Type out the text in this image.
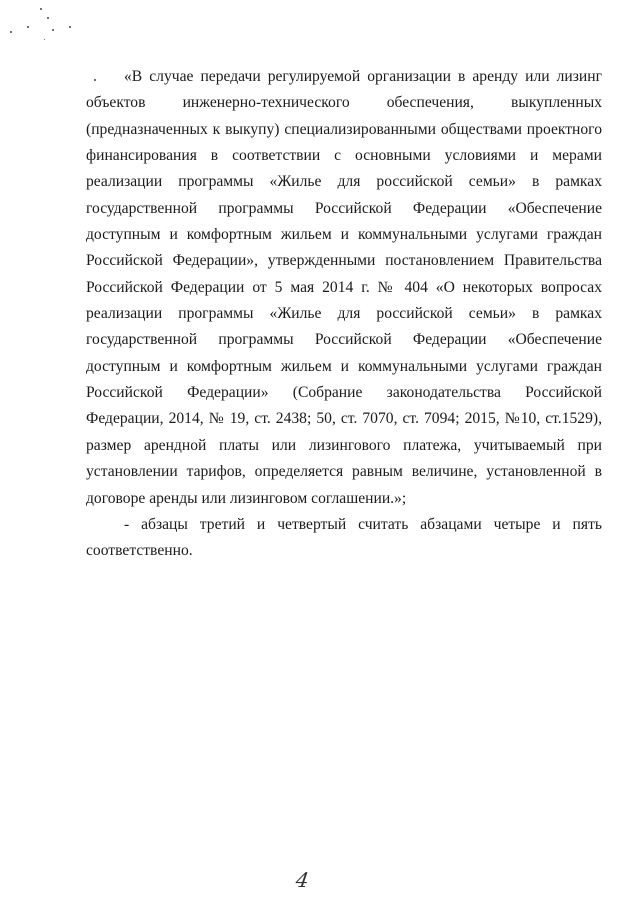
«В случае передачи регулируемой организации в аренду или лизинг объектов инженерно-технического обеспечения, выкупленных (предназначенных к выкупу) специализированными обществами проектного финансирования в соответствии с основными условиями и мерами реализации программы «Жилье для российской семьи» в рамках государственной программы Российской Федерации «Обеспечение доступным и комфортным жильем и коммунальными услугами граждан Российской Федерации», утвержденными постановлением Правительства Российской Федерации от 5 мая 2014 г. № 404 «О некоторых вопросах реализации программы «Жилье для российской семьи» в рамках государственной программы Российской Федерации «Обеспечение доступным и комфортным жильем и коммунальными услугами граждан Российской Федерации» (Собрание законодательства Российской Федерации, 2014, № 19, ст. 2438; 50, ст. 7070, ст. 7094; 2015, №10, ст.1529), размер арендной платы или лизингового платежа, учитываемый при установлении тарифов, определяется равным величине, установленной в договоре аренды или лизинговом соглашении.»;

- абзацы третий и четвертый считать абзацами четыре и пять соответственно.

4
